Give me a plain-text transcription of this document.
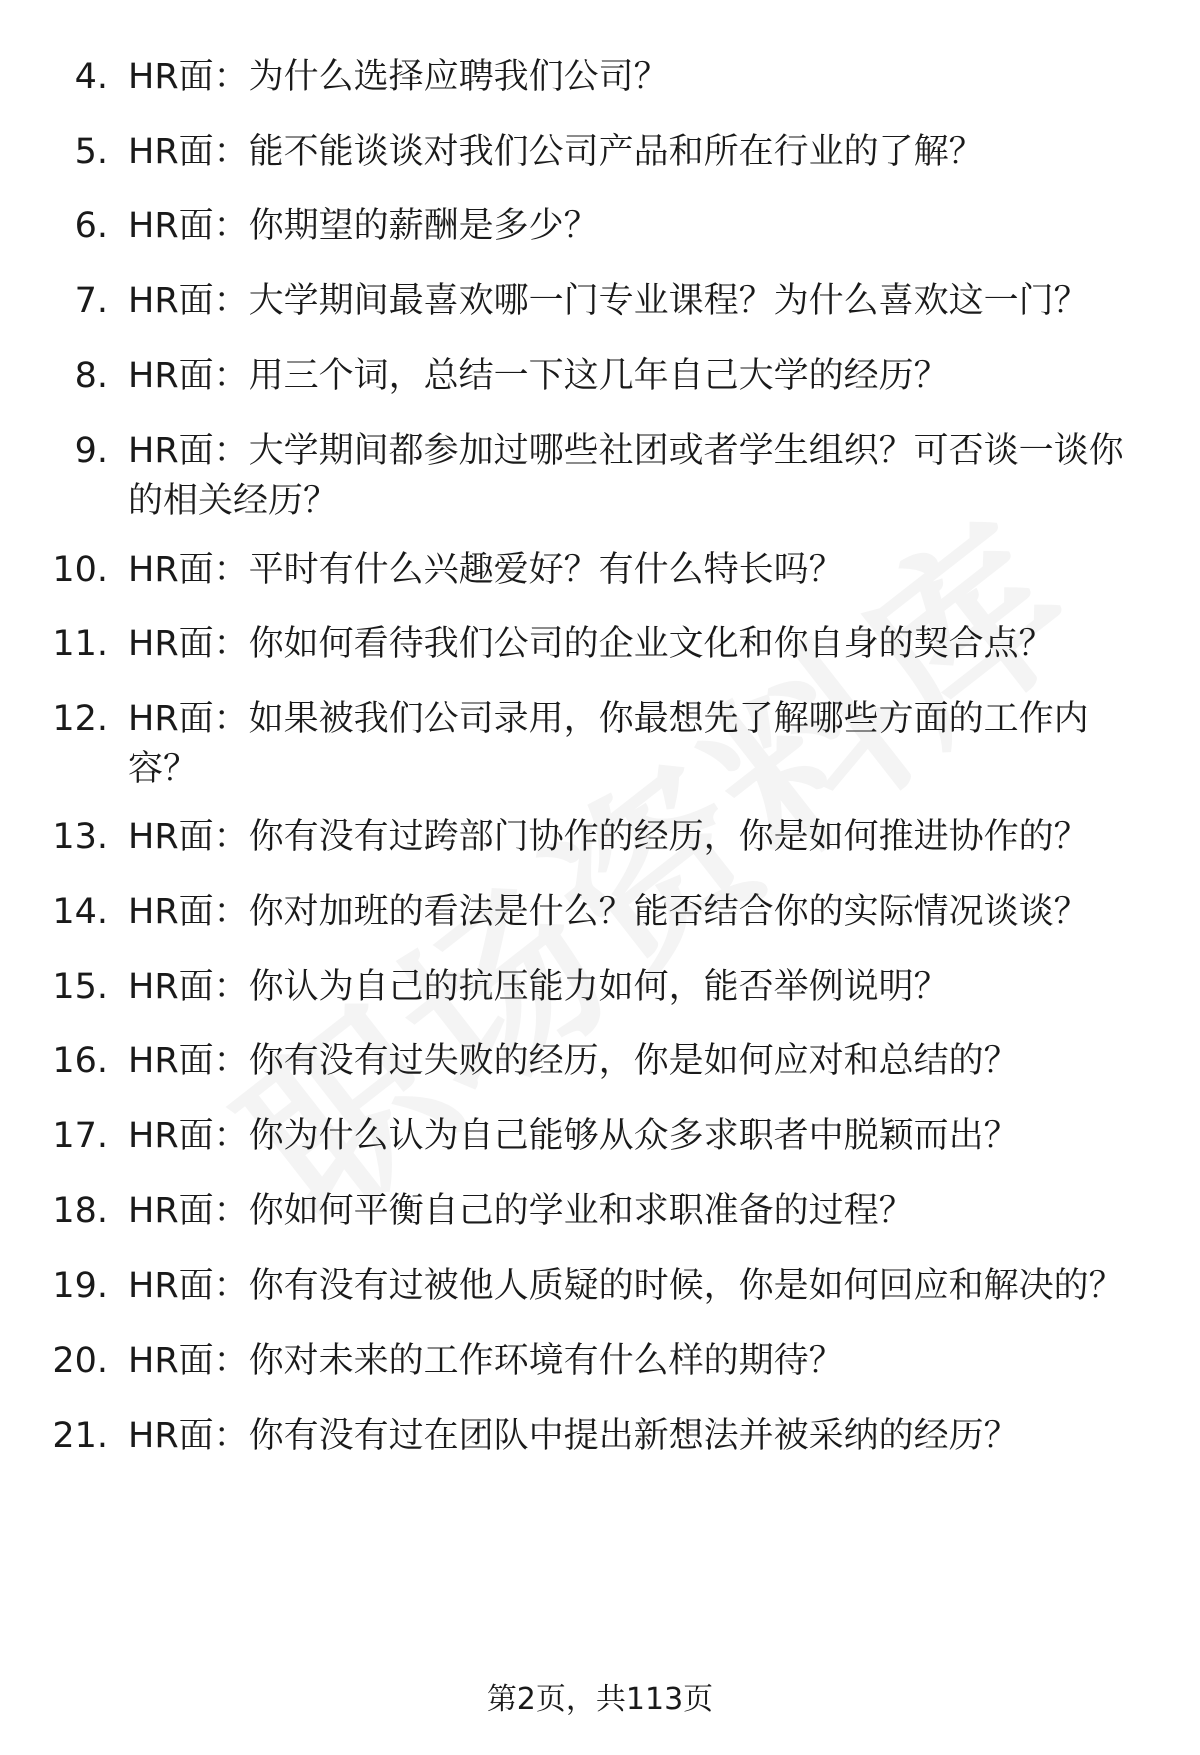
4. HR面：为什么选择应聘我们公司？
5. HR面：能不能谈谈对我们公司产品和所在行业的了解？
6. HR面：你期望的薪酬是多少？
7. HR面：大学期间最喜欢哪一门专业课程？为什么喜欢这一门？
8. HR面：用三个词，总结一下这几年自己大学的经历？
9. HR面：大学期间都参加过哪些社团或者学生组织？可否谈一谈你的相关经历？
10. HR面：平时有什么兴趣爱好？有什么特长吗？
11. HR面：你如何看待我们公司的企业文化和你自身的契合点？
12. HR面：如果被我们公司录用，你最想先了解哪些方面的工作内容？
13. HR面：你有没有过跨部门协作的经历，你是如何推进协作的？
14. HR面：你对加班的看法是什么？能否结合你的实际情况谈谈？
15. HR面：你认为自己的抗压能力如何，能否举例说明？
16. HR面：你有没有过失败的经历，你是如何应对和总结的？
17. HR面：你为什么认为自己能够从众多求职者中脱颖而出？
18. HR面：你如何平衡自己的学业和求职准备的过程？
19. HR面：你有没有过被他人质疑的时候，你是如何回应和解决的？
20. HR面：你对未来的工作环境有什么样的期待？
21. HR面：你有没有过在团队中提出新想法并被采纳的经历？
第2页，共113页
